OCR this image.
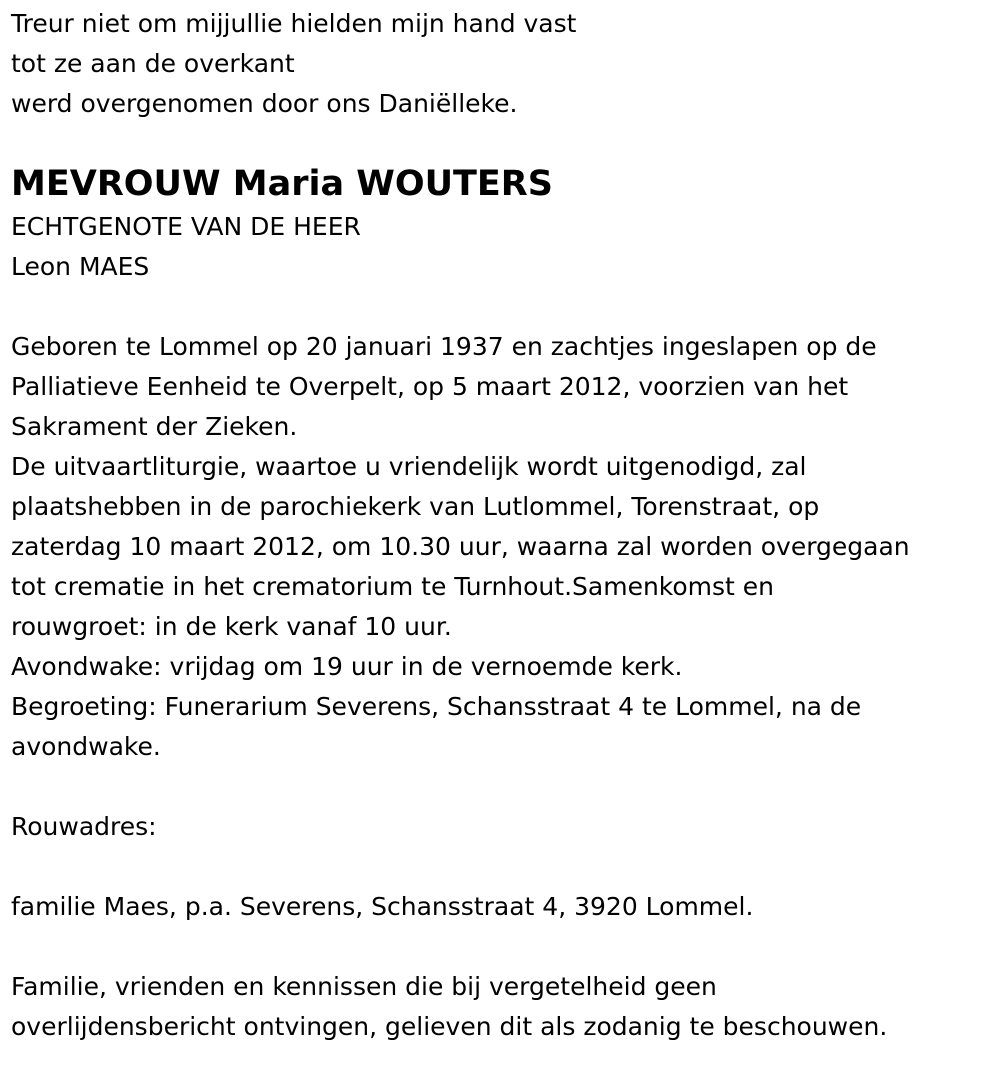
Treur niet om mijjullie hielden mijn hand vast
tot ze aan de overkant
werd overgenomen door ons Daniëlleke.
MEVROUW Maria WOUTERS
ECHTGENOTE VAN DE HEER
Leon MAES
Geboren te Lommel op 20 januari 1937 en zachtjes ingeslapen op de
Palliatieve Eenheid te Overpelt, op 5 maart 2012, voorzien van het
Sakrament der Zieken.
De uitvaartliturgie, waartoe u vriendelijk wordt uitgenodigd, zal
plaatshebben in de parochiekerk van Lutlommel, Torenstraat, op
zaterdag 10 maart 2012, om 10.30 uur, waarna zal worden overgegaan
tot crematie in het crematorium te Turnhout.Samenkomst en
rouwgroet: in de kerk vanaf 10 uur.
Avondwake: vrijdag om 19 uur in de vernoemde kerk.
Begroeting: Funerarium Severens, Schansstraat 4 te Lommel, na de
avondwake.
Rouwadres:
familie Maes, p.a. Severens, Schansstraat 4, 3920 Lommel.
Familie, vrienden en kennissen die bij vergetelheid geen
overlijdensbericht ontvingen, gelieven dit als zodanig te beschouwen.
